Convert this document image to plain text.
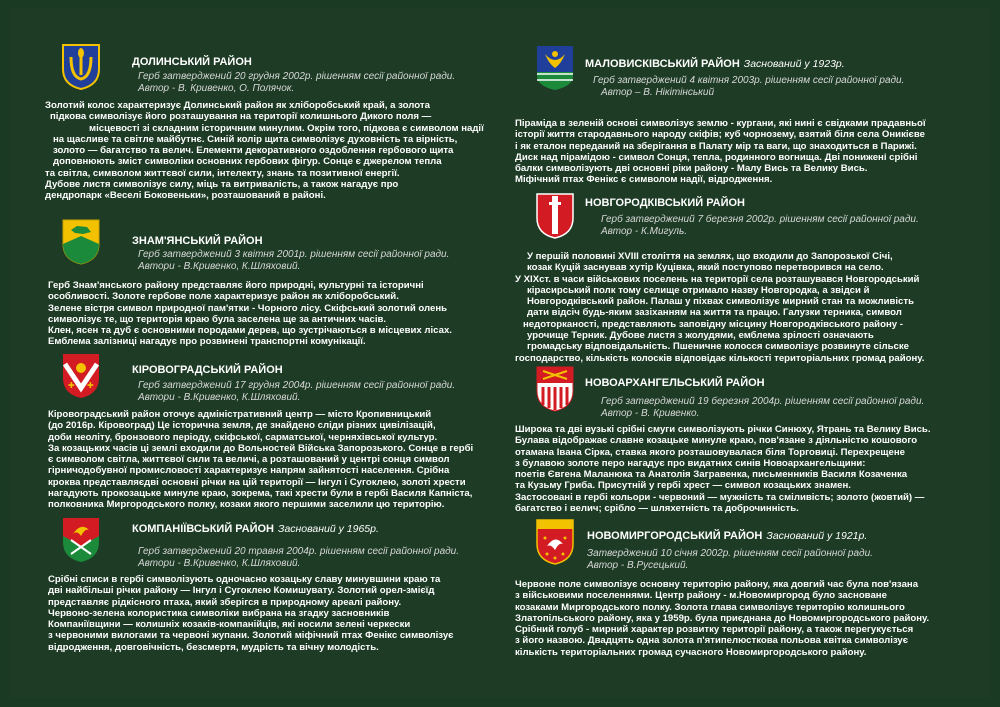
ДОЛИНСЬКИЙ РАЙОН
Герб затверджений 20 грудня 2002р. рішенням сесії районної ради.
Автор - В. Кривенко, О. Полячок.

Золотий колос характеризує Долинський район як хліборобський край, а золота

підкова символізує його розташування на території колишнього Дикого поля —

місцевості зі складним історичним минулим. Окрім того, підкова є символом надії

на щасливе та світле майбутнє. Синій колір щита символізує духовність та вірність,

золото — багатство та велич. Елементи декоративного оздоблення гербового щита

доповнюють зміст символіки основних гербових фігур. Сонце є джерелом тепла

та світла, символом життєвої сили, інтелекту, знань та позитивної енергії.

Дубове листя символізує силу, міць та витривалість, а також нагадує про

дендропарк «Веселі Боковеньки», розташований в районі.

ЗНАМ'ЯНСЬКИЙ РАЙОН
Герб затверджений 3 квітня 2001р. рішенням сесії районної ради.
Автори - В.Кривенко, К.Шляховий.

Герб Знам'янського району представляє його природні, культурні та історичні

особливості. Золоте гербове поле характеризує район як хліборобський.

Зелене вістря символ природної пам'ятки - Чорного лісу. Скіфський золотий олень

символізує те, що територія краю була заселена ще за античних часів.

Клен, ясен та дуб є основними породами дерев, що зустрічаються в місцевих лісах.

Емблема залізниці нагадує про розвинені транспортні комунікації.

✚ ✚
КІРОВОГРАДСЬКИЙ РАЙОН
Герб затверджений 17 грудня 2004р. рішенням сесії районної ради.
Автори - В.Кривенко, К.Шляховий.

Кіровоградський район оточує адміністративний центр — місто Кропивницький

(до 2016р. Кіровоград) Це історична земля, де знайдено сліди різних цивілізацій,

доби неоліту, бронзового періоду, скіфської, сарматської, черняхівської культур.

За козацьких часів ці землі входили до Вольностей Війська Запорозького. Сонце в гербі

є символом світла, життєвої сили та величі, а розташований у центрі сонця символ

гірничодобувної промисловості характеризує напрям зайнятості населення. Срібна

кроква представляєдві основні річки на цій території — Інгул і Сугоклею, золоті хрести

нагадують прокозацьке минуле краю, зокрема, такі хрести були в гербі Василя Капніста,

полковника Миргородського полку, козаки якого першими заселили цю територію.

КОМПАНІЇВСЬКИЙ РАЙОН Заснований у 1965р.
Герб затверджений 20 травня 2004р. рішенням сесії районної ради.
Автори - В.Кривенко, К.Шляховий.

Срібні списи в гербі символізують одночасно козацьку славу минувшини краю та

дві найбільші річки району — Інгул і Сугоклею Комишувату. Золотий орел-змієїд

представляє рідкісного птаха, який зберігся в природному ареалі району.

Червоно-зелена колористика символіки вибрана на згадку засновників

Компаніївщини — колишніх козаків-компанійців, які носили зелені черкески

з червоними вилогами та червоні жупани. Золотий міфічний птах Фенікс символізує

відродження, довговічність, безсмертя, мудрість та вічну молодість.

МАЛОВИСКІВСЬКИЙ РАЙОН Заснований у 1923р.
Герб затверджений 4 квітня 2003р. рішенням сесії районної ради.
Автор – В. Нікітінський

Піраміда в зеленій основі символізує землю - кургани, які нині є свідками прадавньої

історії життя стародавнього народу скіфів; куб чорнозему, взятий біля села Оникієве

і як еталон переданий на зберігання в Палату мір та ваги, що знаходиться в Парижі.

Диск над пірамідою - символ Сонця, тепла, родинного вогнища. Дві пониженi срібні

балки символізують дві основні ріки району - Малу Вись та Велику Вись.

Міфічний птах Фенікс є символом надії, відродження.

НОВГОРОДКІВСЬКИЙ РАЙОН
Герб затверджений 7 березня 2002р. рішенням сесії районної ради.
Автор - К.Мигуль.

У першій половині XVIII століття на землях, що входили до Запорозької Січі,

козак Куцій заснував хутір Куцівка, який поступово перетворився на село.

У ХІХст. в часи військових поселень на території села розташувався Новгородський

кірасирський полк тому селище отримало назву Новгородка, а звідси й

Новгородківський район. Палаш у піхвах символізує мирний стан та можливість

дати відсіч будь-яким зазіханням на життя та працю. Галузки терника, символ

недоторканості, представляють заповідну місцину Новгородківського району -

урочище Терник. Дубове листя з жолудями, емблема зрілості означають

громадську відповідальність. Пшеничне колосся символізує розвинуте сільске

господарство, кількість колосків відповідає кількості територіальних громад району.

НОВОАРХАНГЕЛЬСЬКИЙ РАЙОН
Герб затверджений 19 березня 2004р. рішенням сесії районної ради.
Автор - В. Кривенко.

Широка та дві вузькі срібні смуги символізують річки Синюху, Ятрань та Велику Вись.

Булава відображає славне козацьке минуле краю, пов'язане з діяльністю кошового

отамана Івана Сірка, ставка якого розташовувалася біля Торговиці. Перехрещене

з булавою золоте перо нагадує про видатних синів Новоархангельщини:

поетів Євгена Маланюка та Анатолія Загравенка, письменників Василя Козаченка

та Кузьму Гриба. Присутній у гербі хрест — символ козацьких знамен.

Застосовані в гербі кольори - червоний — мужність та сміливість; золото (жовтий) —

багатство і велич; срібло — шляхетність та доброчинність.

НОВОМИРГОРОДСЬКИЙ РАЙОН Заснований у 1921р.
Затверджений 10 січня 2002р. рішенням сесії районної ради.
Автор - В.Русецький.

Червоне поле символізує основну територію району, яка довгий час була пов'язана

з військовими поселеннями. Центр району - м.Новомиргород було засноване

козаками Миргородського полку. Золота глава символізує територію колишнього

Златопільського району, яка у 1959р. була приєднана до Новомиргородського району.

Срібний голуб - мирний характер розвитку території району, а також перегукується

з його назвою. Двадцять одна золота п'ятипелюсткова польова квітка символізує

кількість територіальних громад сучасного Новомиргородського району.
